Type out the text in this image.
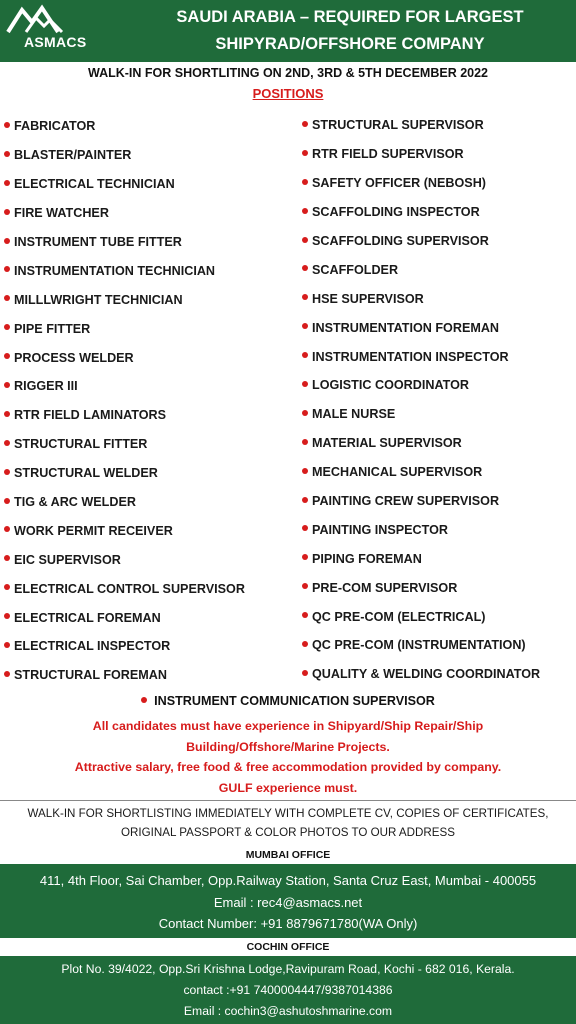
ASMACS
SAUDI ARABIA – REQUIRED FOR LARGEST
SHIPYRAD/OFFSHORE COMPANY
WALK-IN FOR SHORTLITING ON 2ND, 3RD & 5TH DECEMBER 2022
POSITIONS
FABRICATOR
BLASTER/PAINTER
ELECTRICAL TECHNICIAN
FIRE WATCHER
INSTRUMENT TUBE FITTER
INSTRUMENTATION TECHNICIAN
MILLLWRIGHT TECHNICIAN
PIPE FITTER
PROCESS WELDER
RIGGER III
RTR FIELD LAMINATORS
STRUCTURAL FITTER
STRUCTURAL WELDER
TIG & ARC WELDER
WORK PERMIT RECEIVER
EIC SUPERVISOR
ELECTRICAL CONTROL SUPERVISOR
ELECTRICAL FOREMAN
ELECTRICAL INSPECTOR
STRUCTURAL FOREMAN
STRUCTURAL SUPERVISOR
RTR FIELD SUPERVISOR
SAFETY OFFICER (NEBOSH)
SCAFFOLDING INSPECTOR
SCAFFOLDING SUPERVISOR
SCAFFOLDER
HSE SUPERVISOR
INSTRUMENTATION FOREMAN
INSTRUMENTATION INSPECTOR
LOGISTIC COORDINATOR
MALE NURSE
MATERIAL SUPERVISOR
MECHANICAL SUPERVISOR
PAINTING CREW SUPERVISOR
PAINTING INSPECTOR
PIPING FOREMAN
PRE-COM SUPERVISOR
QC PRE-COM (ELECTRICAL)
QC PRE-COM (INSTRUMENTATION)
QUALITY & WELDING COORDINATOR
INSTRUMENT COMMUNICATION SUPERVISOR
All candidates must have experience in Shipyard/Ship Repair/Ship
Building/Offshore/Marine Projects.
Attractive salary, free food & free accommodation provided by company.
GULF experience must.
WALK-IN FOR SHORTLISTING IMMEDIATELY WITH COMPLETE CV, COPIES OF CERTIFICATES,
ORIGINAL PASSPORT & COLOR PHOTOS TO OUR ADDRESS
MUMBAI OFFICE
411, 4th Floor, Sai Chamber, Opp.Railway Station, Santa Cruz East, Mumbai - 400055
Email : rec4@asmacs.net
Contact Number: +91 8879671780(WA Only)
COCHIN OFFICE
Plot No. 39/4022, Opp.Sri Krishna Lodge,Ravipuram Road, Kochi - 682 016, Kerala.
contact :+91 7400004447/9387014386
Email : cochin3@ashutoshmarine.com
